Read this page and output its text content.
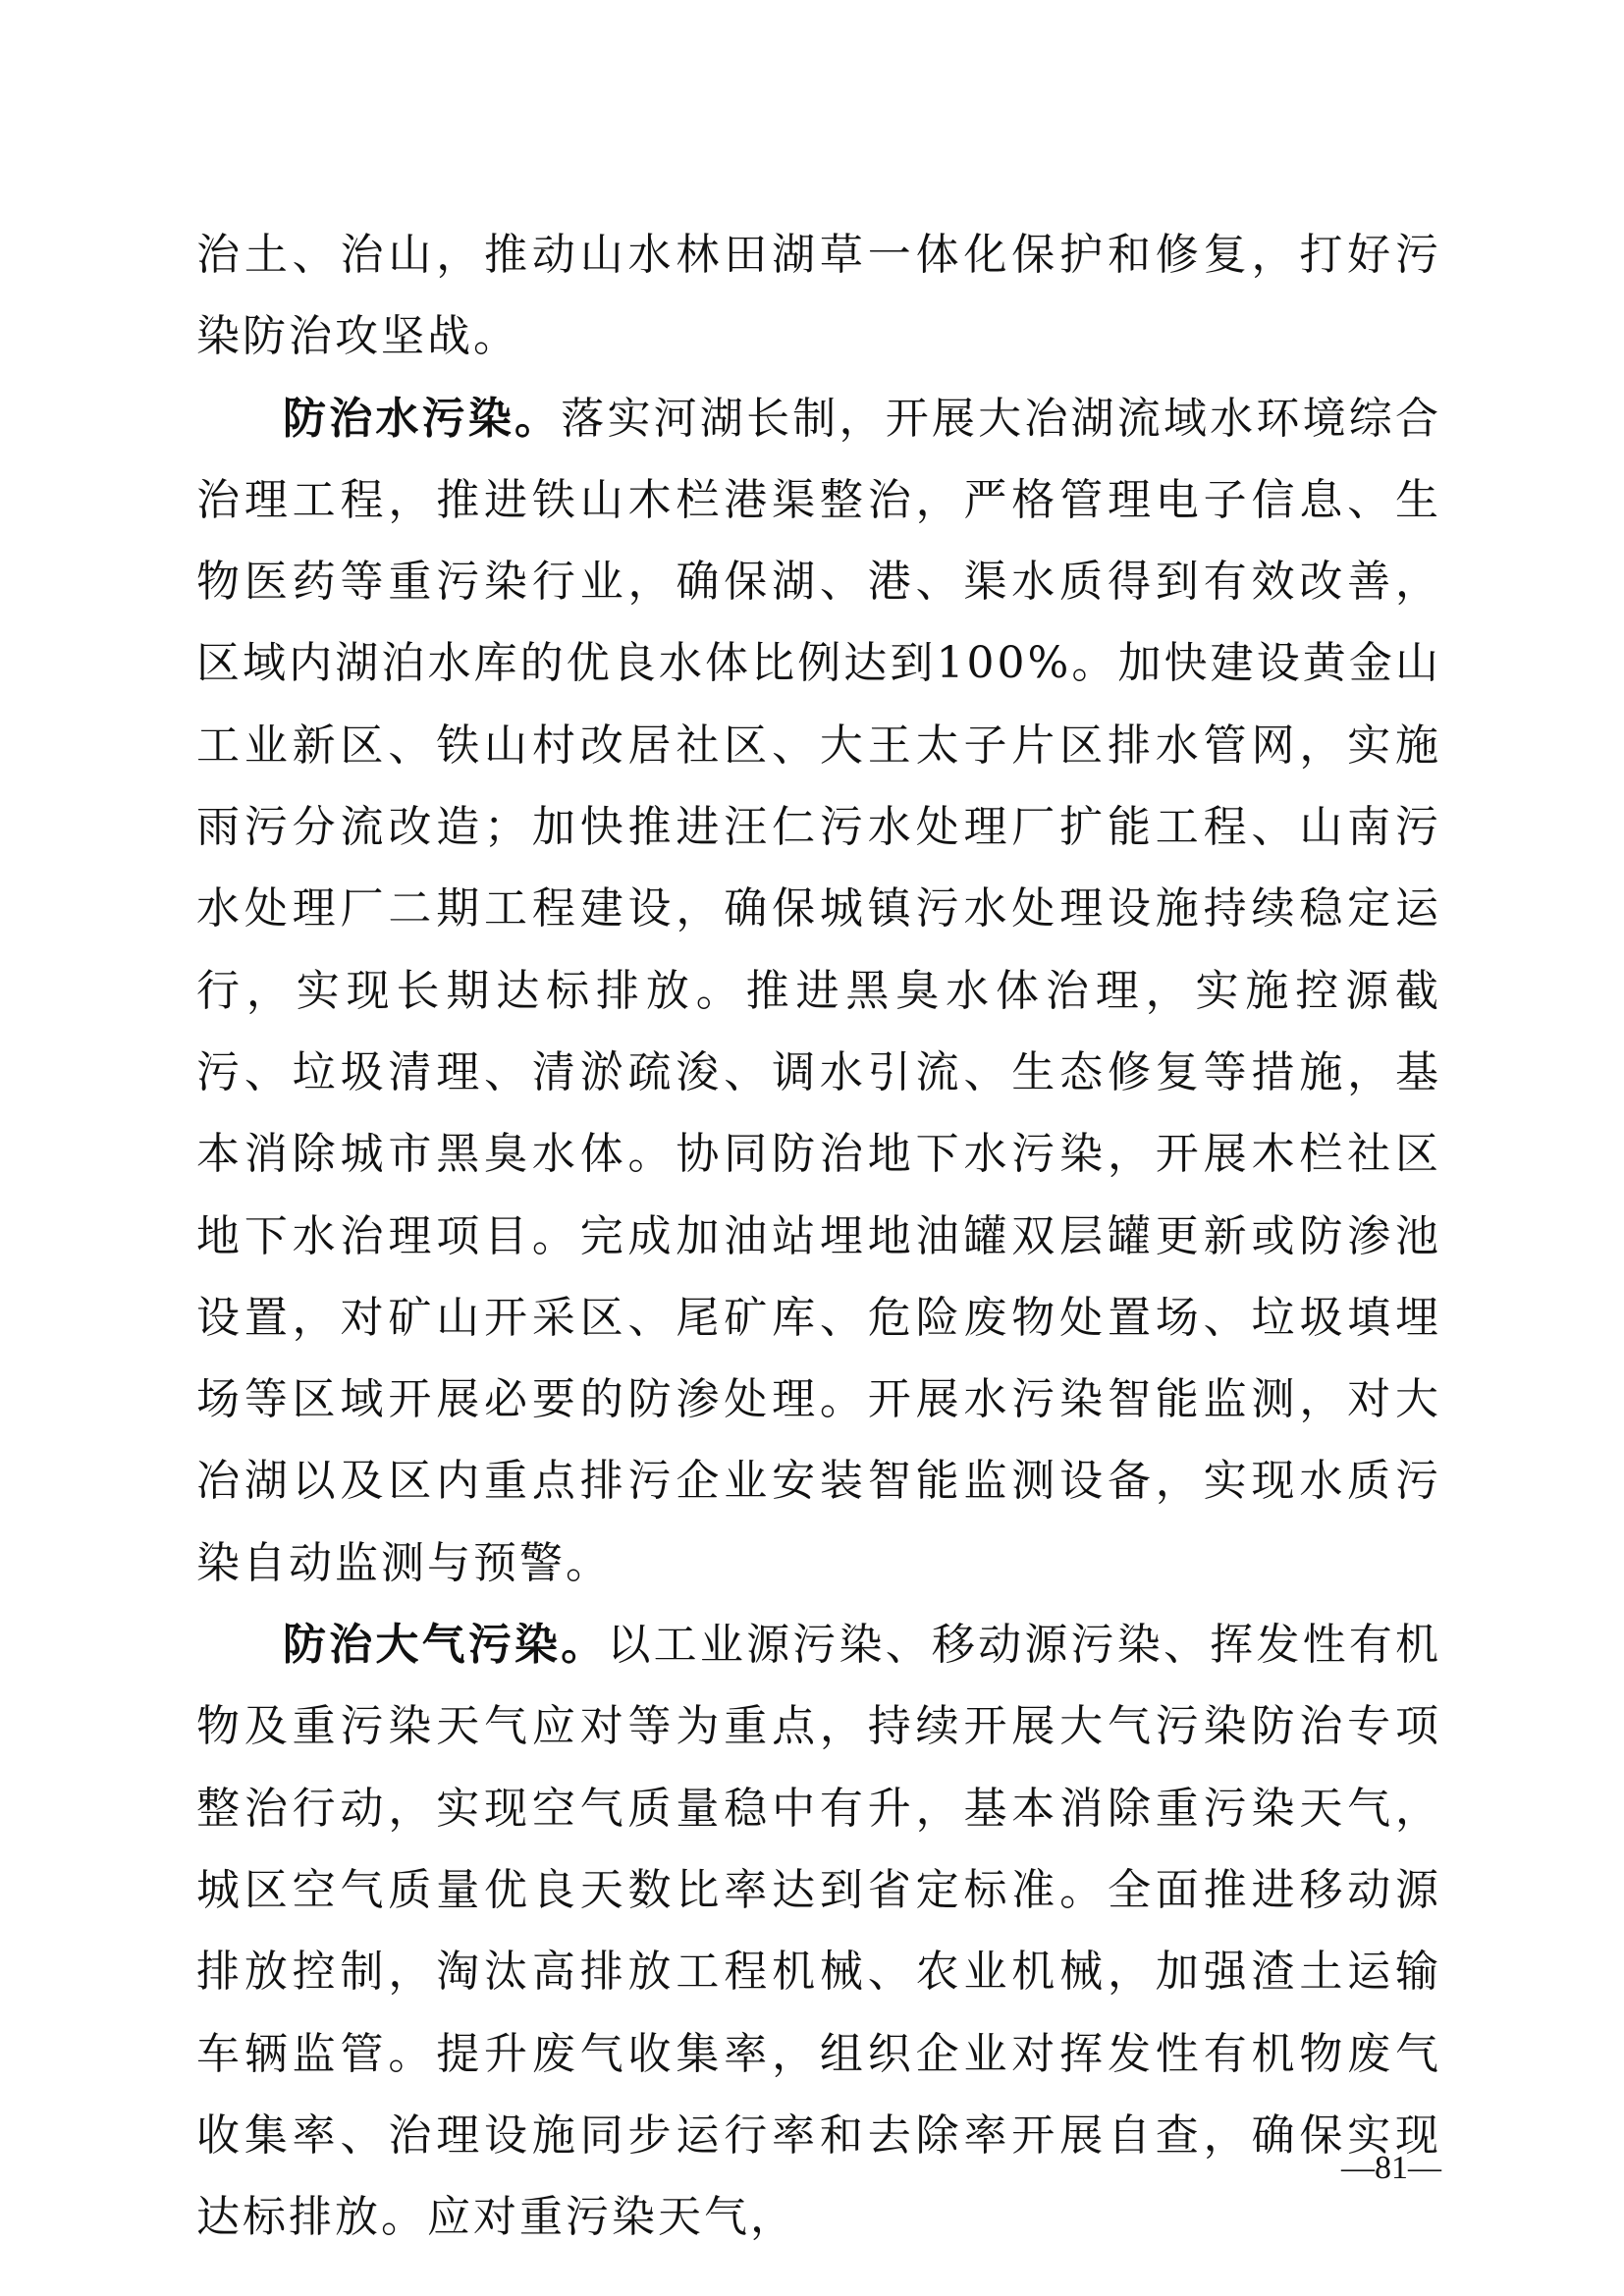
治土、治山，推动山水林田湖草一体化保护和修复，打好污染防治攻坚战。

防治水污染。落实河湖长制，开展大冶湖流域水环境综合治理工程，推进铁山木栏港渠整治，严格管理电子信息、生物医药等重污染行业，确保湖、港、渠水质得到有效改善，区域内湖泊水库的优良水体比例达到100%。加快建设黄金山工业新区、铁山村改居社区、大王太子片区排水管网，实施雨污分流改造；加快推进汪仁污水处理厂扩能工程、山南污水处理厂二期工程建设，确保城镇污水处理设施持续稳定运行，实现长期达标排放。推进黑臭水体治理，实施控源截污、垃圾清理、清淤疏浚、调水引流、生态修复等措施，基本消除城市黑臭水体。协同防治地下水污染，开展木栏社区地下水治理项目。完成加油站埋地油罐双层罐更新或防渗池设置，对矿山开采区、尾矿库、危险废物处置场、垃圾填埋场等区域开展必要的防渗处理。开展水污染智能监测，对大冶湖以及区内重点排污企业安装智能监测设备，实现水质污染自动监测与预警。

防治大气污染。以工业源污染、移动源污染、挥发性有机物及重污染天气应对等为重点，持续开展大气污染防治专项整治行动，实现空气质量稳中有升，基本消除重污染天气，城区空气质量优良天数比率达到省定标准。全面推进移动源排放控制，淘汰高排放工程机械、农业机械，加强渣土运输车辆监管。提升废气收集率，组织企业对挥发性有机物废气收集率、治理设施同步运行率和去除率开展自查，确保实现达标排放。应对重污染天气，

—81—
